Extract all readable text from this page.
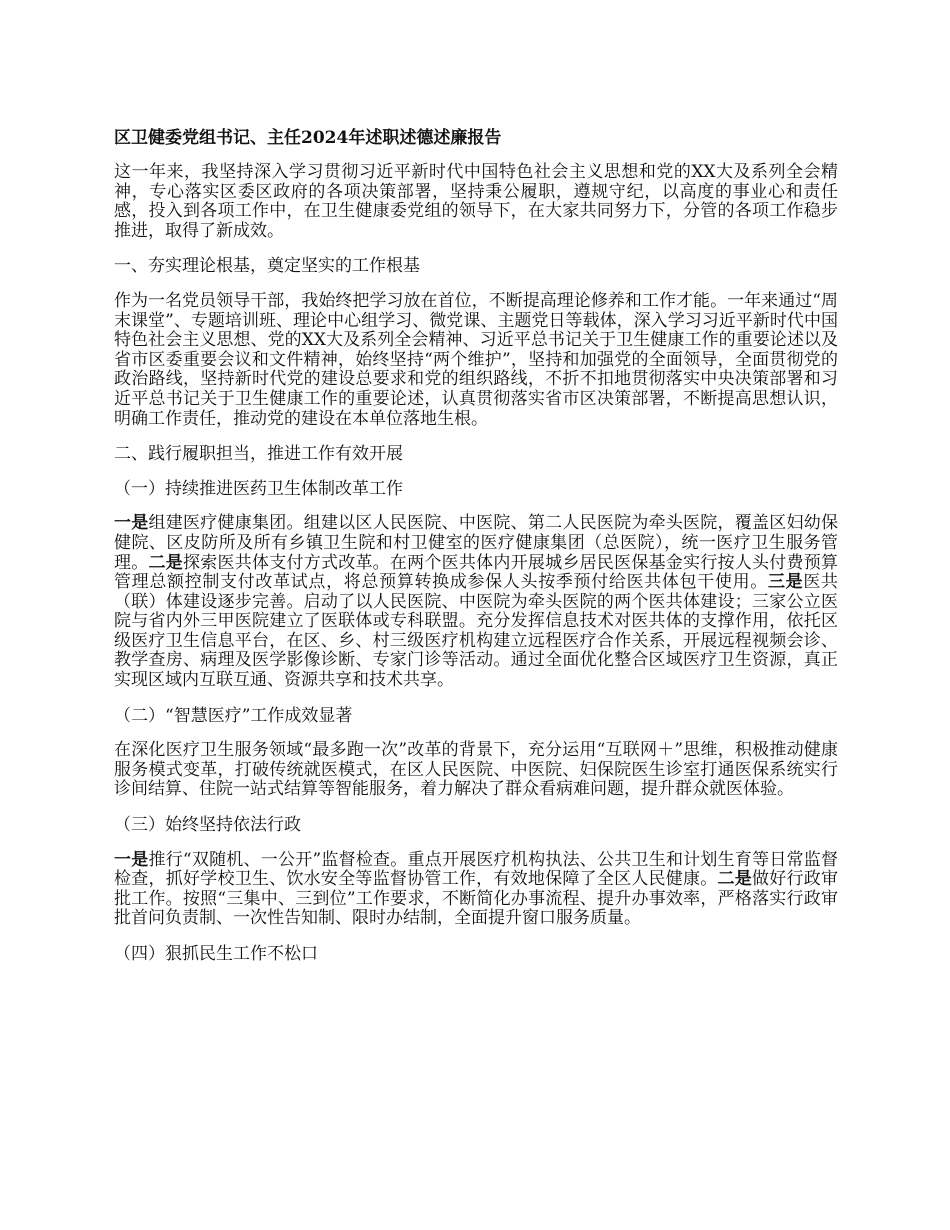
区卫健委党组书记、主任2024年述职述德述廉报告

这一年来，我坚持深入学习贯彻习近平新时代中国特色社会主义思想和党的XX大及系列全会精神，专心落实区委区政府的各项决策部署，坚持秉公履职，遵规守纪，以高度的事业心和责任感，投入到各项工作中，在卫生健康委党组的领导下，在大家共同努力下，分管的各项工作稳步推进，取得了新成效。

一、夯实理论根基，奠定坚实的工作根基

作为一名党员领导干部，我始终把学习放在首位，不断提高理论修养和工作才能。一年来通过“周末课堂”、专题培训班、理论中心组学习、微党课、主题党日等载体，深入学习习近平新时代中国特色社会主义思想、党的XX大及系列全会精神、习近平总书记关于卫生健康工作的重要论述以及省市区委重要会议和文件精神，始终坚持“两个维护”，坚持和加强党的全面领导，全面贯彻党的政治路线，坚持新时代党的建设总要求和党的组织路线，不折不扣地贯彻落实中央决策部署和习近平总书记关于卫生健康工作的重要论述，认真贯彻落实省市区决策部署，不断提高思想认识，明确工作责任，推动党的建设在本单位落地生根。

二、践行履职担当，推进工作有效开展

（一）持续推进医药卫生体制改革工作

一是组建医疗健康集团。组建以区人民医院、中医院、第二人民医院为牵头医院，覆盖区妇幼保健院、区皮防所及所有乡镇卫生院和村卫健室的医疗健康集团（总医院），统一医疗卫生服务管理。二是探索医共体支付方式改革。在两个医共体内开展城乡居民医保基金实行按人头付费预算管理总额控制支付改革试点，将总预算转换成参保人头按季预付给医共体包干使用。三是医共（联）体建设逐步完善。启动了以人民医院、中医院为牵头医院的两个医共体建设；三家公立医院与省内外三甲医院建立了医联体或专科联盟。充分发挥信息技术对医共体的支撑作用，依托区级医疗卫生信息平台，在区、乡、村三级医疗机构建立远程医疗合作关系，开展远程视频会诊、教学查房、病理及医学影像诊断、专家门诊等活动。通过全面优化整合区域医疗卫生资源，真正实现区域内互联互通、资源共享和技术共享。

（二）“智慧医疗”工作成效显著

在深化医疗卫生服务领域“最多跑一次”改革的背景下，充分运用“互联网＋”思维，积极推动健康服务模式变革，打破传统就医模式，在区人民医院、中医院、妇保院医生诊室打通医保系统实行诊间结算、住院一站式结算等智能服务，着力解决了群众看病难问题，提升群众就医体验。

（三）始终坚持依法行政

一是推行“双随机、一公开”监督检查。重点开展医疗机构执法、公共卫生和计划生育等日常监督检查，抓好学校卫生、饮水安全等监督协管工作，有效地保障了全区人民健康。二是做好行政审批工作。按照“三集中、三到位”工作要求，不断简化办事流程、提升办事效率，严格落实行政审批首问负责制、一次性告知制、限时办结制，全面提升窗口服务质量。

（四）狠抓民生工作不松口
